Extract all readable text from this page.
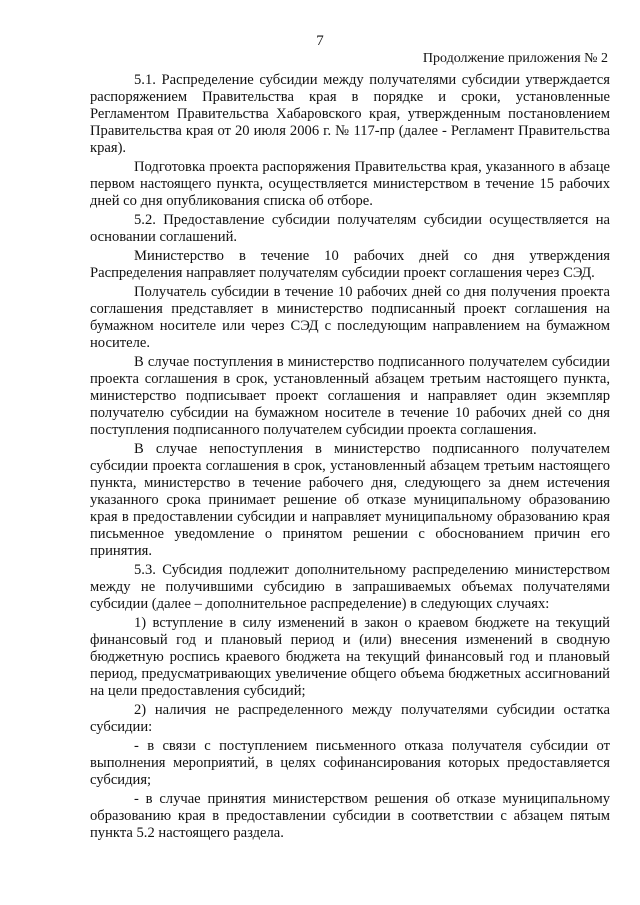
7
Продолжение приложения № 2

5.1. Распределение субсидии между получателями субсидии утверждается распоряжением Правительства края в порядке и сроки, установленные Регламентом Правительства Хабаровского края, утвержденным постановлением Правительства края от 20 июля 2006 г. № 117-пр (далее - Регламент Правительства края).

Подготовка проекта распоряжения Правительства края, указанного в абзаце первом настоящего пункта, осуществляется министерством в течение 15 рабочих дней со дня опубликования списка об отборе.

5.2. Предоставление субсидии получателям субсидии осуществляется на основании соглашений.

Министерство в течение 10 рабочих дней со дня утверждения Распределения направляет получателям субсидии проект соглашения через СЭД.

Получатель субсидии в течение 10 рабочих дней со дня получения проекта соглашения представляет в министерство подписанный проект соглашения на бумажном носителе или через СЭД с последующим направлением на бумажном носителе.

В случае поступления в министерство подписанного получателем субсидии проекта соглашения в срок, установленный абзацем третьим настоящего пункта, министерство подписывает проект соглашения и направляет один экземпляр получателю субсидии на бумажном носителе в течение 10 рабочих дней со дня поступления подписанного получателем субсидии проекта соглашения.

В случае непоступления в министерство подписанного получателем субсидии проекта соглашения в срок, установленный абзацем третьим настоящего пункта, министерство в течение рабочего дня, следующего за днем истечения указанного срока принимает решение об отказе муниципальному образованию края в предоставлении субсидии и направляет муниципальному образованию края письменное уведомление о принятом решении с обоснованием причин его принятия.

5.3. Субсидия подлежит дополнительному распределению министерством между не получившими субсидию в запрашиваемых объемах получателями субсидии (далее – дополнительное распределение) в следующих случаях:

1) вступление в силу изменений в закон о краевом бюджете на текущий финансовый год и плановый период и (или) внесения изменений в сводную бюджетную роспись краевого бюджета на текущий финансовый год и плановый период, предусматривающих увеличение общего объема бюджетных ассигнований на цели предоставления субсидий;

2) наличия не распределенного между получателями субсидии остатка субсидии:

- в связи с поступлением письменного отказа получателя субсидии от выполнения мероприятий, в целях софинансирования которых предоставляется субсидия;

- в случае принятия министерством решения об отказе муниципальному образованию края в предоставлении субсидии в соответствии с абзацем пятым пункта 5.2 настоящего раздела.
